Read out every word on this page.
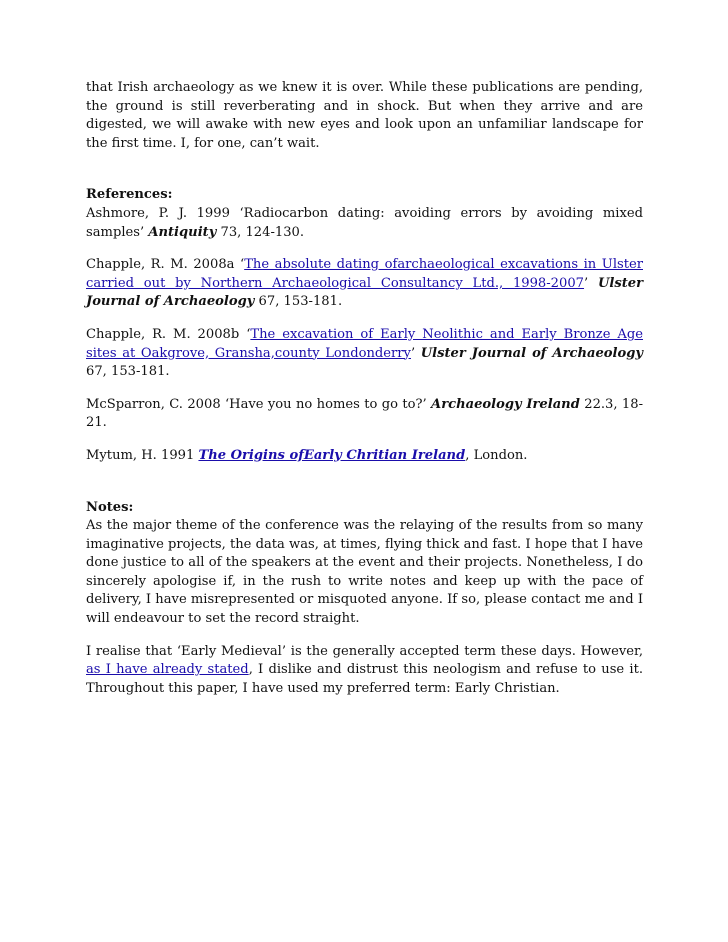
that Irish archaeology as we knew it is over. While these publications are pending, the ground is still reverberating and in shock. But when they arrive and are digested, we will awake with new eyes and look upon an unfamiliar landscape for the first time. I, for one, can’t wait.

References:
Ashmore, P. J. 1999 ‘Radiocarbon dating: avoiding errors by avoiding mixed samples’ Antiquity 73, 124-130.

Chapple, R. M. 2008a ‘The absolute dating ofarchaeological excavations in Ulster carried out by Northern Archaeological Consultancy Ltd., 1998-2007’ Ulster Journal of Archaeology 67, 153-181.

Chapple, R. M. 2008b ‘The excavation of Early Neolithic and Early Bronze Age sites at Oakgrove, Gransha,county Londonderry’ Ulster Journal of Archaeology 67, 153-181.

McSparron, C. 2008 ‘Have you no homes to go to?’ Archaeology Ireland 22.3, 18-21.

Mytum, H. 1991 The Origins ofEarly Chritian Ireland, London.

Notes:
As the major theme of the conference was the relaying of the results from so many imaginative projects, the data was, at times, flying thick and fast. I hope that I have done justice to all of the speakers at the event and their projects. Nonetheless, I do sincerely apologise if, in the rush to write notes and keep up with the pace of delivery, I have misrepresented or misquoted anyone. If so, please contact me and I will endeavour to set the record straight.

I realise that ‘Early Medieval’ is the generally accepted term these days. However, as I have already stated, I dislike and distrust this neologism and refuse to use it. Throughout this paper, I have used my preferred term: Early Christian.
